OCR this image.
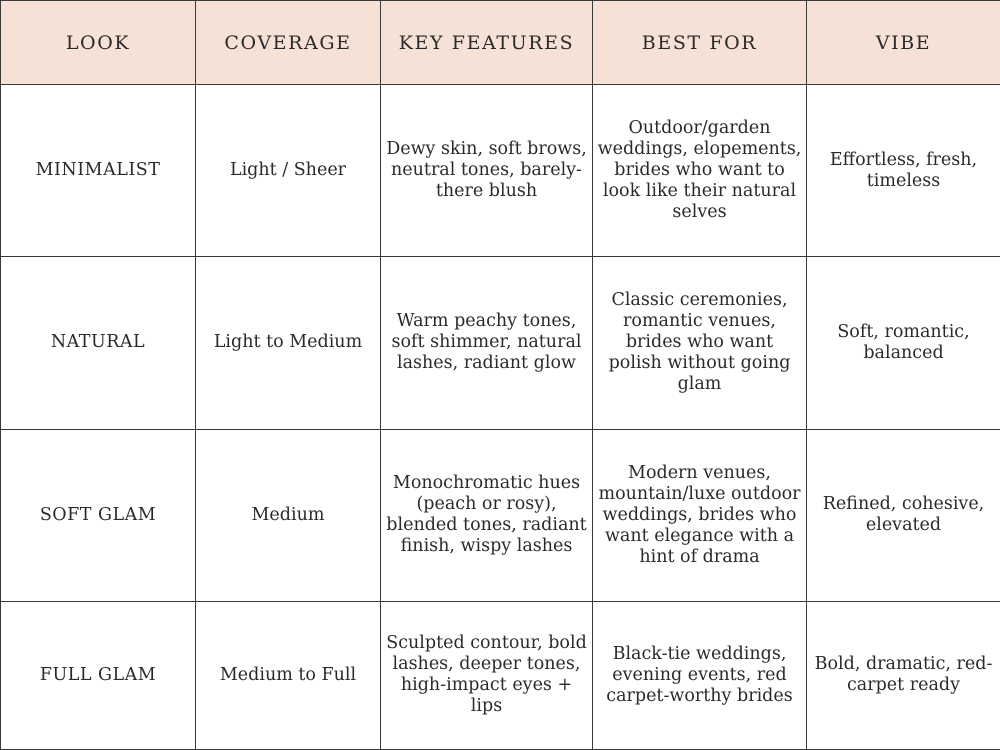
LOOK	COVERAGE	KEY FEATURES	BEST FOR	VIBE
MINIMALIST	Light / Sheer	Dewy skin, soft brows, neutral tones, barely-there blush	Outdoor/garden weddings, elopements, brides who want to look like their natural selves	Effortless, fresh, timeless
NATURAL	Light to Medium	Warm peachy tones, soft shimmer, natural lashes, radiant glow	Classic ceremonies, romantic venues, brides who want polish without going glam	Soft, romantic, balanced
SOFT GLAM	Medium	Monochromatic hues (peach or rosy), blended tones, radiant finish, wispy lashes	Modern venues, mountain/luxe outdoor weddings, brides who want elegance with a hint of drama	Refined, cohesive, elevated
FULL GLAM	Medium to Full	Sculpted contour, bold lashes, deeper tones, high-impact eyes + lips	Black-tie weddings, evening events, red carpet-worthy brides	Bold, dramatic, red-carpet ready
